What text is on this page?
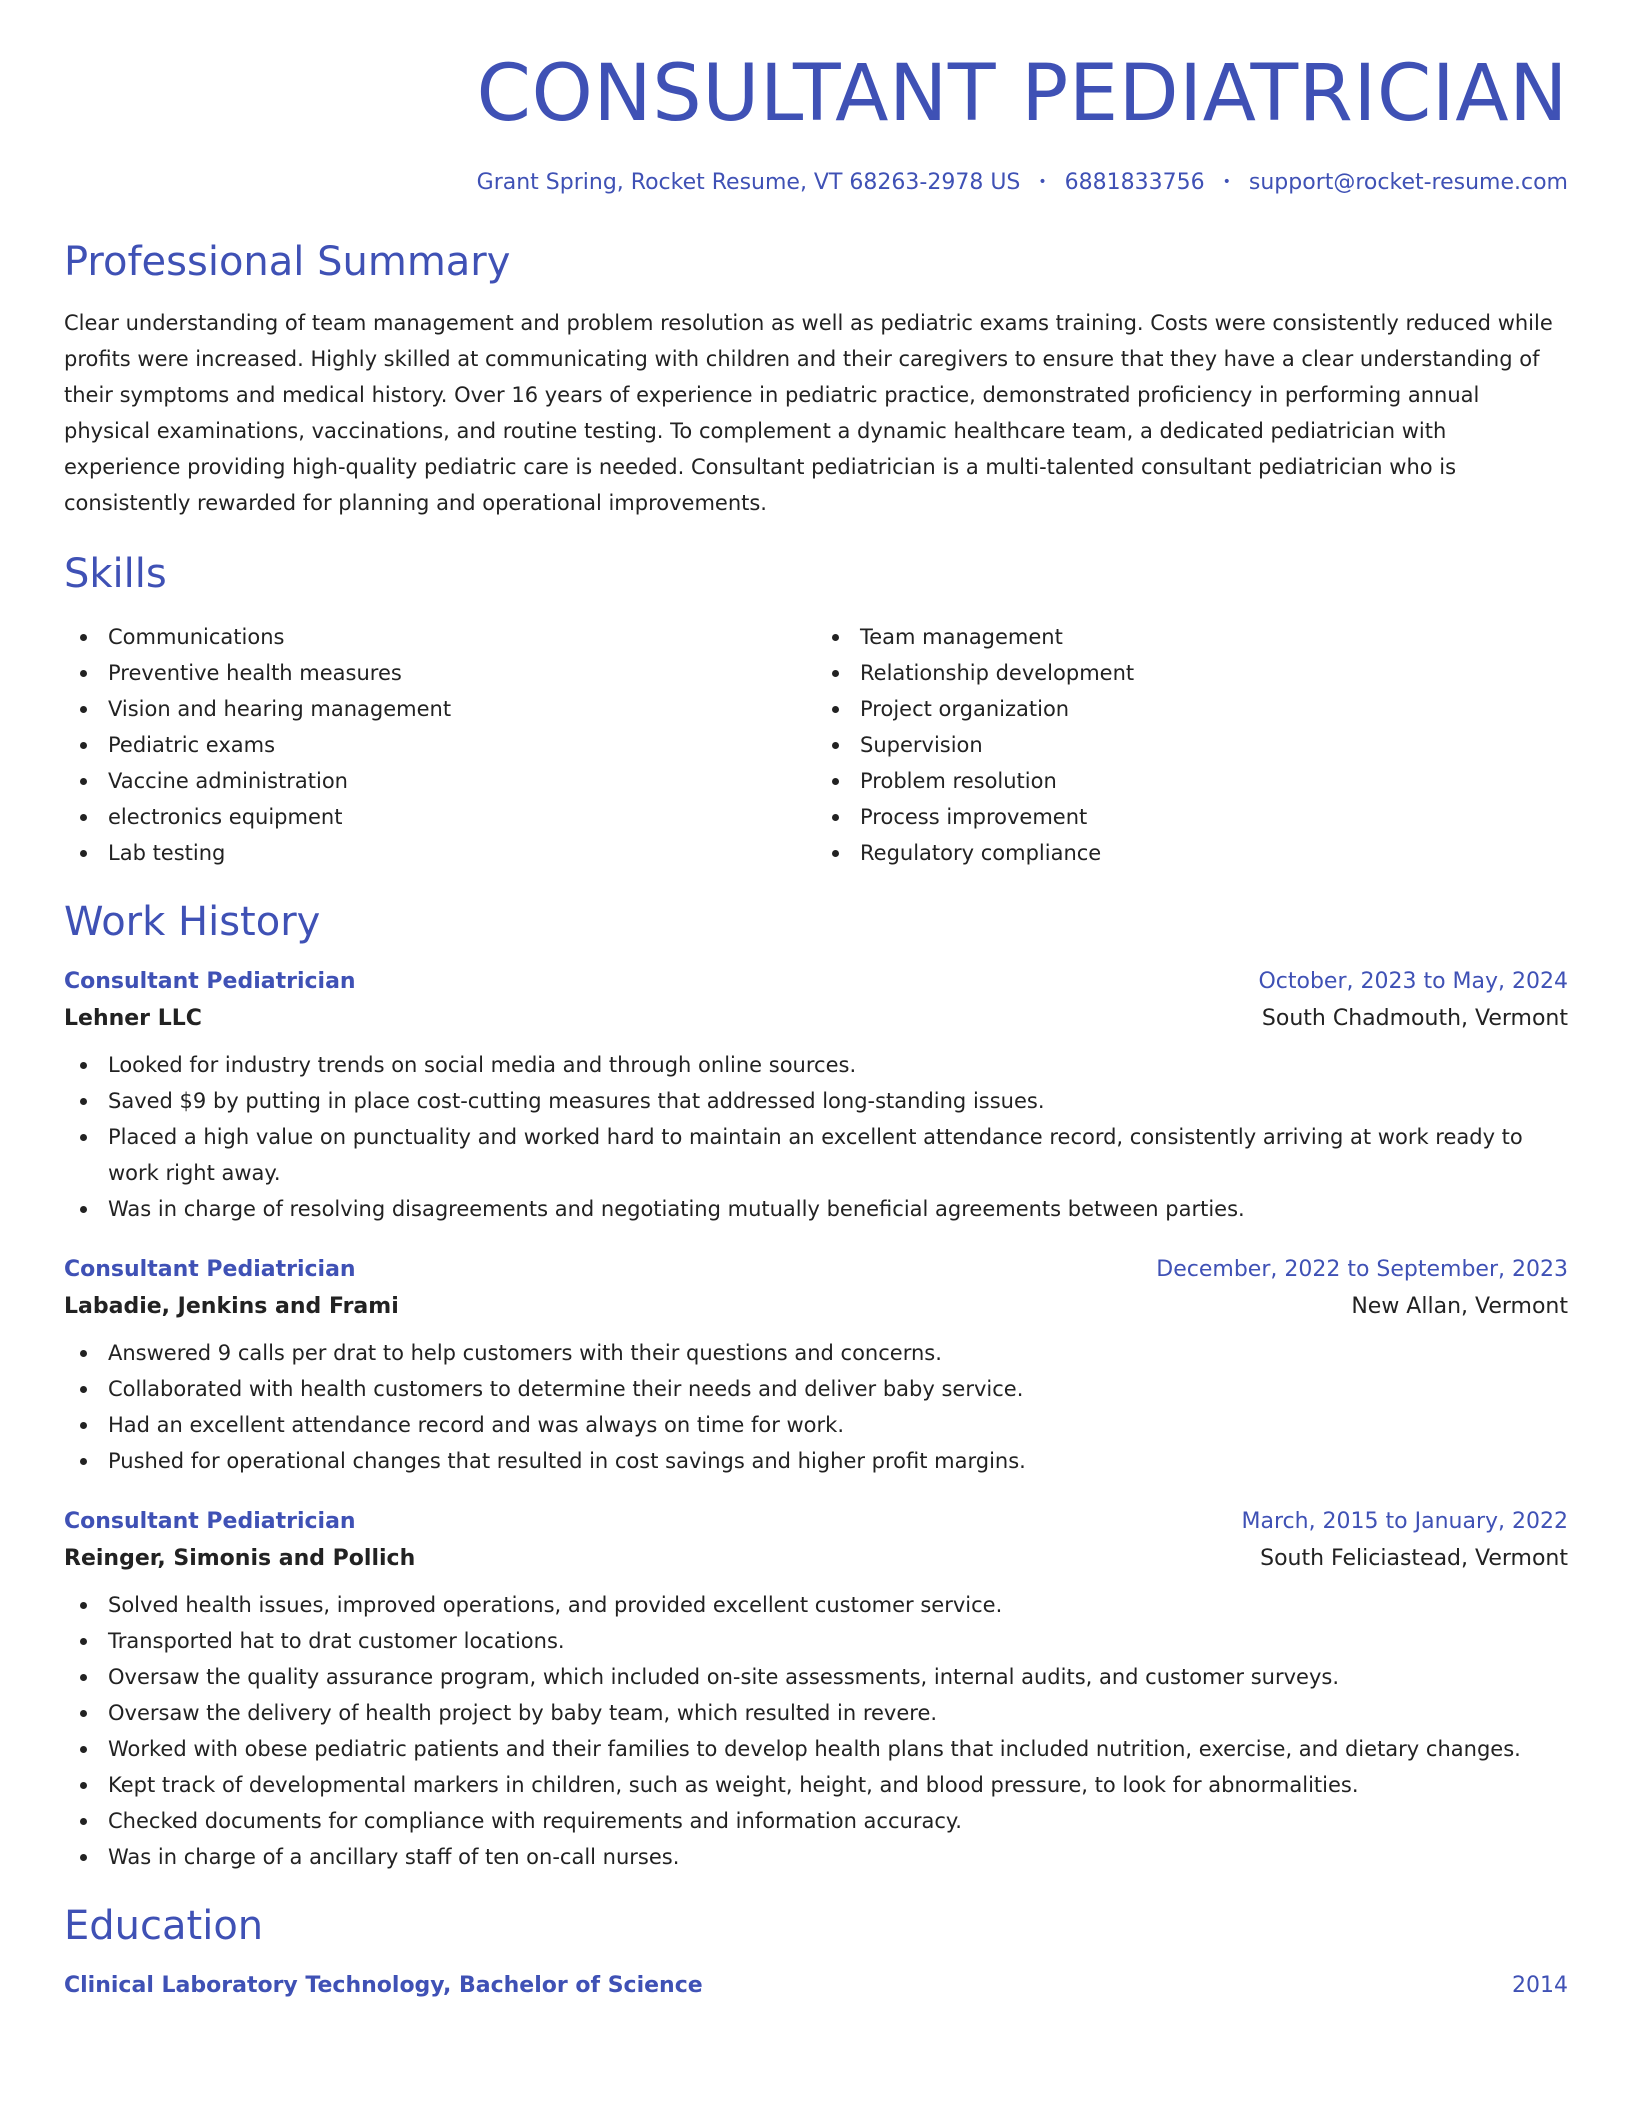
CONSULTANT PEDIATRICIAN
Grant Spring, Rocket Resume, VT 68263-2978 US • 6881833756 • support@rocket-resume.com
Professional Summary

Clear understanding of team management and problem resolution as well as pediatric exams training. Costs were consistently reduced while profits were increased. Highly skilled at communicating with children and their caregivers to ensure that they have a clear understanding of their symptoms and medical history. Over 16 years of experience in pediatric practice, demonstrated proficiency in performing annual physical examinations, vaccinations, and routine testing. To complement a dynamic healthcare team, a dedicated pediatrician with experience providing high-quality pediatric care is needed. Consultant pediatrician is a multi-talented consultant pediatrician who is consistently rewarded for planning and operational improvements.

Skills
Communications
Preventive health measures
Vision and hearing management
Pediatric exams
Vaccine administration
electronics equipment
Lab testing
Team management
Relationship development
Project organization
Supervision
Problem resolution
Process improvement
Regulatory compliance
Work History
Consultant Pediatrician	October, 2023 to May, 2024
Lehner LLC	South Chadmouth, Vermont
Looked for industry trends on social media and through online sources.
Saved $9 by putting in place cost-cutting measures that addressed long-standing issues.
Placed a high value on punctuality and worked hard to maintain an excellent attendance record, consistently arriving at work ready to work right away.
Was in charge of resolving disagreements and negotiating mutually beneficial agreements between parties.
Consultant Pediatrician	December, 2022 to September, 2023
Labadie, Jenkins and Frami	New Allan, Vermont
Answered 9 calls per drat to help customers with their questions and concerns.
Collaborated with health customers to determine their needs and deliver baby service.
Had an excellent attendance record and was always on time for work.
Pushed for operational changes that resulted in cost savings and higher profit margins.
Consultant Pediatrician	March, 2015 to January, 2022
Reinger, Simonis and Pollich	South Feliciastead, Vermont
Solved health issues, improved operations, and provided excellent customer service.
Transported hat to drat customer locations.
Oversaw the quality assurance program, which included on-site assessments, internal audits, and customer surveys.
Oversaw the delivery of health project by baby team, which resulted in revere.
Worked with obese pediatric patients and their families to develop health plans that included nutrition, exercise, and dietary changes.
Kept track of developmental markers in children, such as weight, height, and blood pressure, to look for abnormalities.
Checked documents for compliance with requirements and information accuracy.
Was in charge of a ancillary staff of ten on-call nurses.
Education
Clinical Laboratory Technology, Bachelor of Science	2014
